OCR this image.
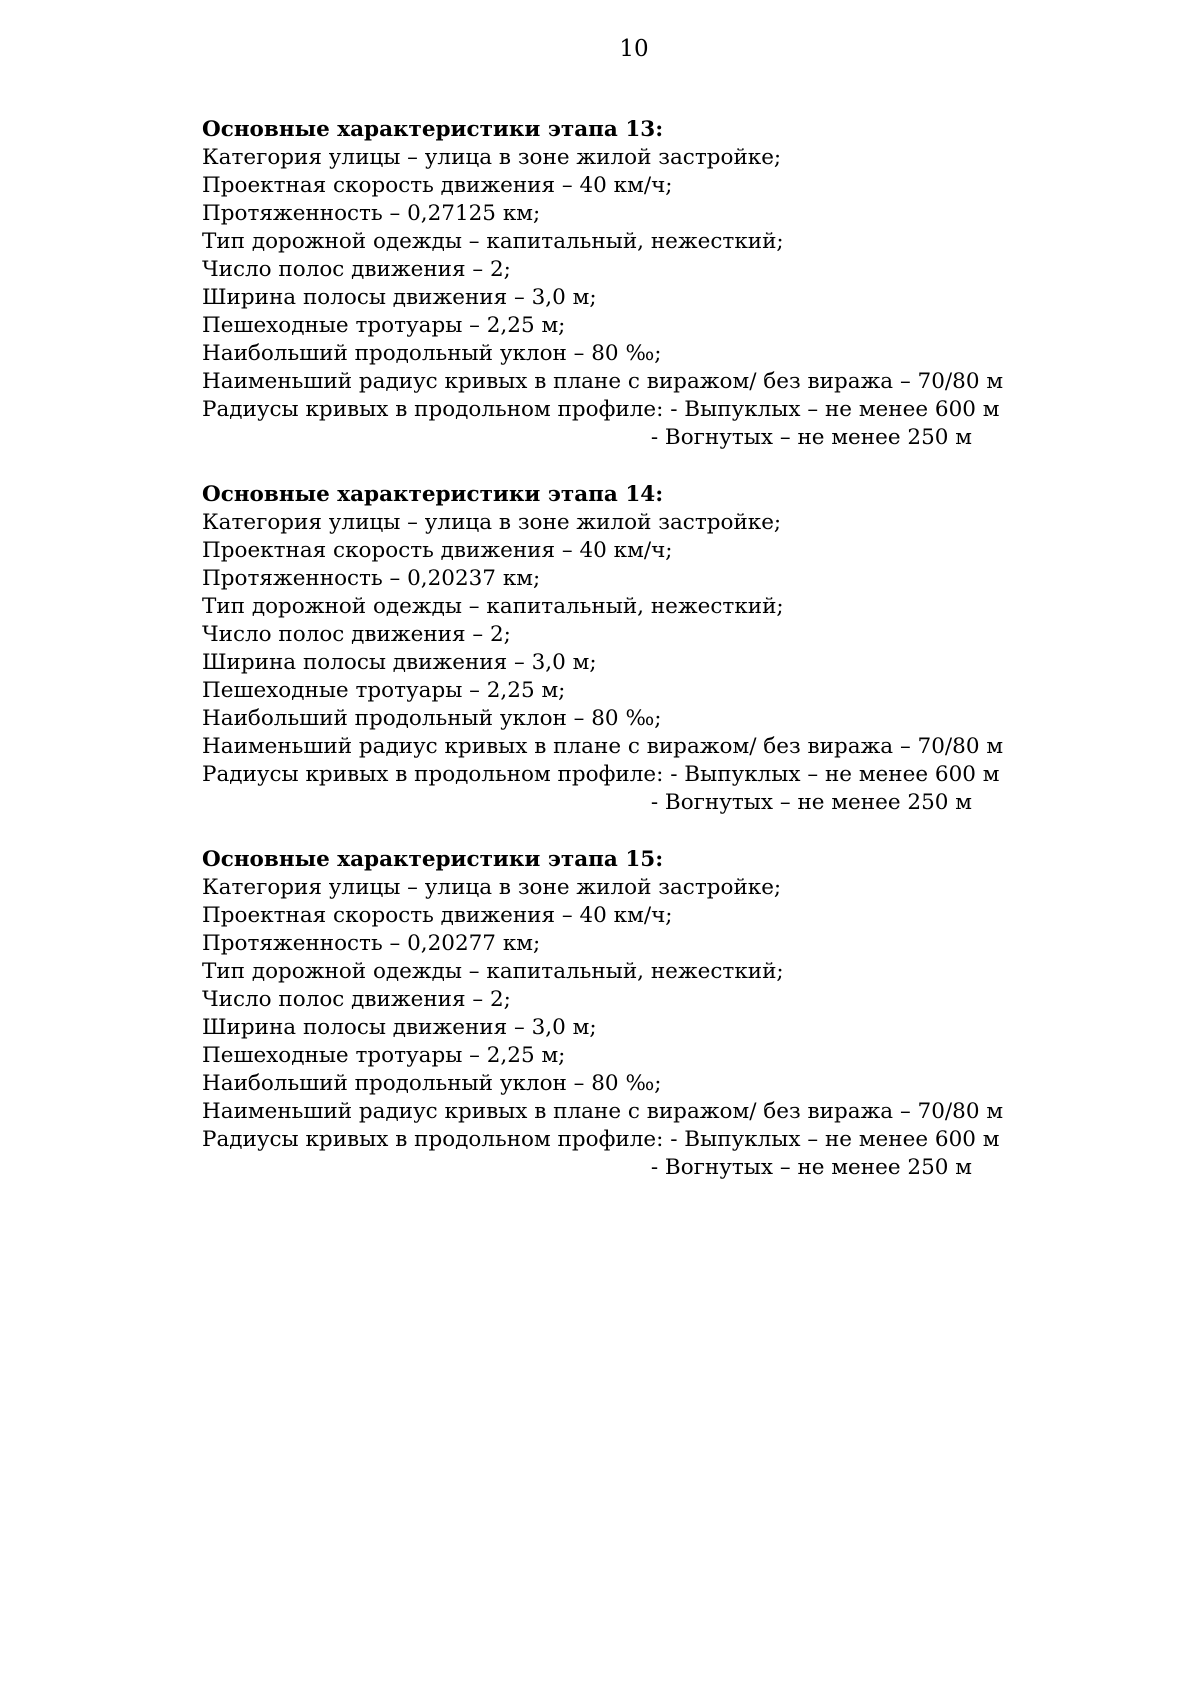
10
Основные характеристики этапа 13:
Категория улицы – улица в зоне жилой застройке;
Проектная скорость движения – 40 км/ч;
Протяженность – 0,27125 км;
Тип дорожной одежды – капитальный, нежесткий;
Число полос движения – 2;
Ширина полосы движения – 3,0 м;
Пешеходные тротуары – 2,25 м;
Наибольший продольный уклон – 80 ‰;
Наименьший радиус кривых в плане с виражом/ без виража – 70/80 м
Радиусы кривых в продольном профиле: - Выпуклых – не менее 600 м
- Вогнутых – не менее 250 м
Основные характеристики этапа 14:
Категория улицы – улица в зоне жилой застройке;
Проектная скорость движения – 40 км/ч;
Протяженность – 0,20237 км;
Тип дорожной одежды – капитальный, нежесткий;
Число полос движения – 2;
Ширина полосы движения – 3,0 м;
Пешеходные тротуары – 2,25 м;
Наибольший продольный уклон – 80 ‰;
Наименьший радиус кривых в плане с виражом/ без виража – 70/80 м
Радиусы кривых в продольном профиле: - Выпуклых – не менее 600 м
- Вогнутых – не менее 250 м
Основные характеристики этапа 15:
Категория улицы – улица в зоне жилой застройке;
Проектная скорость движения – 40 км/ч;
Протяженность – 0,20277 км;
Тип дорожной одежды – капитальный, нежесткий;
Число полос движения – 2;
Ширина полосы движения – 3,0 м;
Пешеходные тротуары – 2,25 м;
Наибольший продольный уклон – 80 ‰;
Наименьший радиус кривых в плане с виражом/ без виража – 70/80 м
Радиусы кривых в продольном профиле: - Выпуклых – не менее 600 м
- Вогнутых – не менее 250 м
